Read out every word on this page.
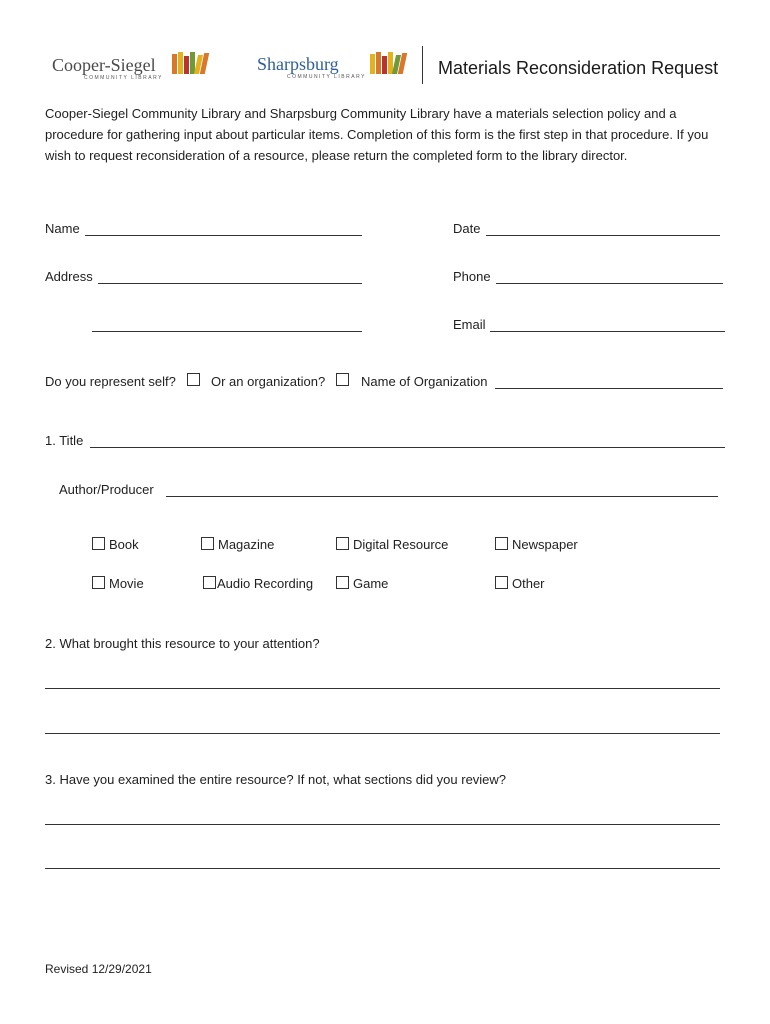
Cooper-Siegel
COMMUNITY LIBRARY
Sharpsburg
COMMUNITY LIBRARY	Materials Reconsideration Request
Cooper-Siegel Community Library and Sharpsburg Community Library have a materials selection policy and a procedure for gathering input about particular items. Completion of this form is the first step in that procedure. If you wish to request reconsideration of a resource, please return the completed form to the library director.
Name	Date
Address	Phone
Email
Do you represent self?	Or an organization?	Name of Organization
1. Title
Author/Producer
Book	Magazine	Digital Resource	Newspaper
Movie	Audio Recording	Game	Other
2. What brought this resource to your attention?
3. Have you examined the entire resource? If not, what sections did you review?
Revised 12/29/2021
